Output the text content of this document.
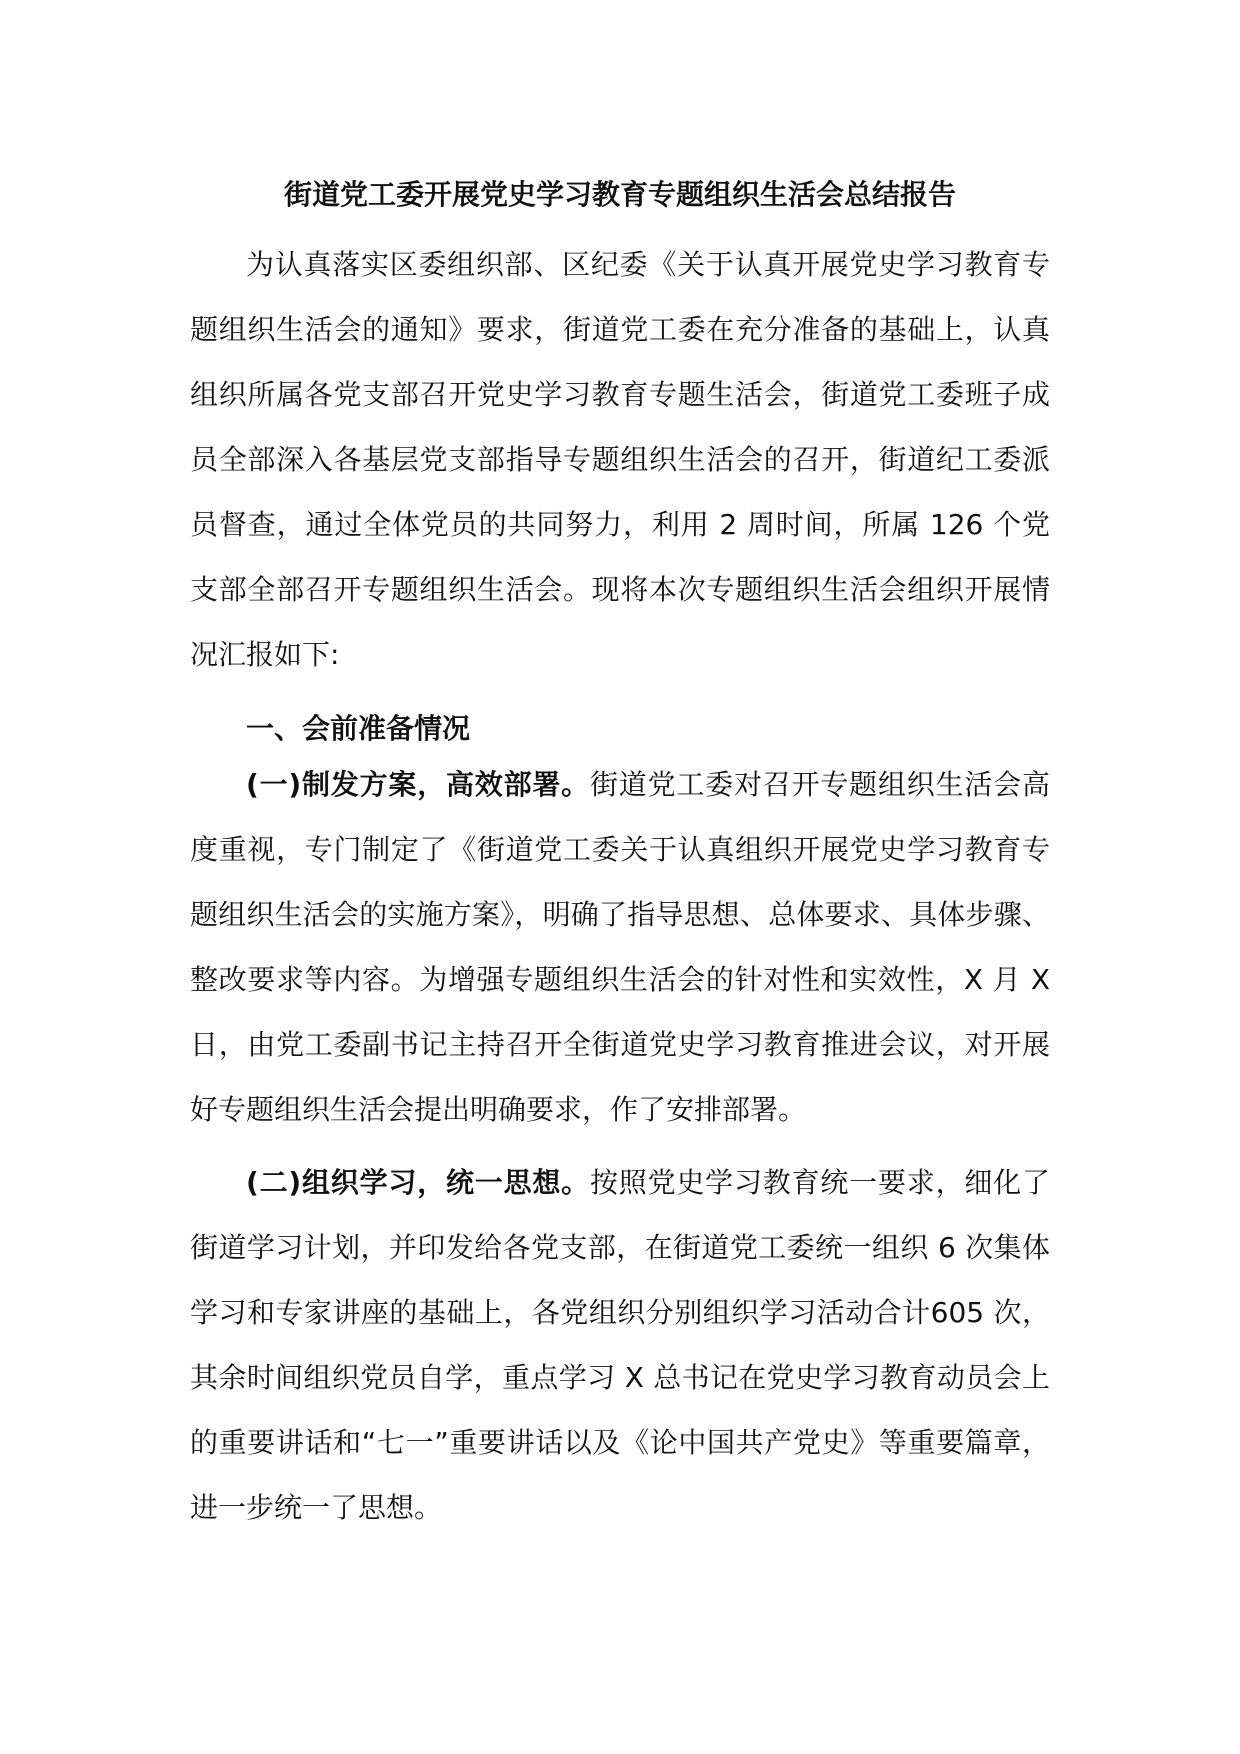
街道党工委开展党史学习教育专题组织生活会总结报告

为认真落实区委组织部、区纪委《关于认真开展党史学习教育专题组织生活会的通知》要求，街道党工委在充分准备的基础上，认真组织所属各党支部召开党史学习教育专题生活会，街道党工委班子成员全部深入各基层党支部指导专题组织生活会的召开，街道纪工委派员督查，通过全体党员的共同努力，利用 2 周时间，所属 126 个党支部全部召开专题组织生活会。现将本次专题组织生活会组织开展情况汇报如下:

一、会前准备情况

(一)制发方案，高效部署。街道党工委对召开专题组织生活会高度重视，专门制定了《街道党工委关于认真组织开展党史学习教育专题组织生活会的实施方案》，明确了指导思想、总体要求、具体步骤、整改要求等内容。为增强专题组织生活会的针对性和实效性，X 月 X 日，由党工委副书记主持召开全街道党史学习教育推进会议，对开展好专题组织生活会提出明确要求，作了安排部署。

(二)组织学习，统一思想。按照党史学习教育统一要求，细化了街道学习计划，并印发给各党支部，在街道党工委统一组织 6 次集体学习和专家讲座的基础上，各党组织分别组织学习活动合计605 次，其余时间组织党员自学，重点学习 X 总书记在党史学习教育动员会上的重要讲话和“七一”重要讲话以及《论中国共产党史》等重要篇章，进一步统一了思想。
